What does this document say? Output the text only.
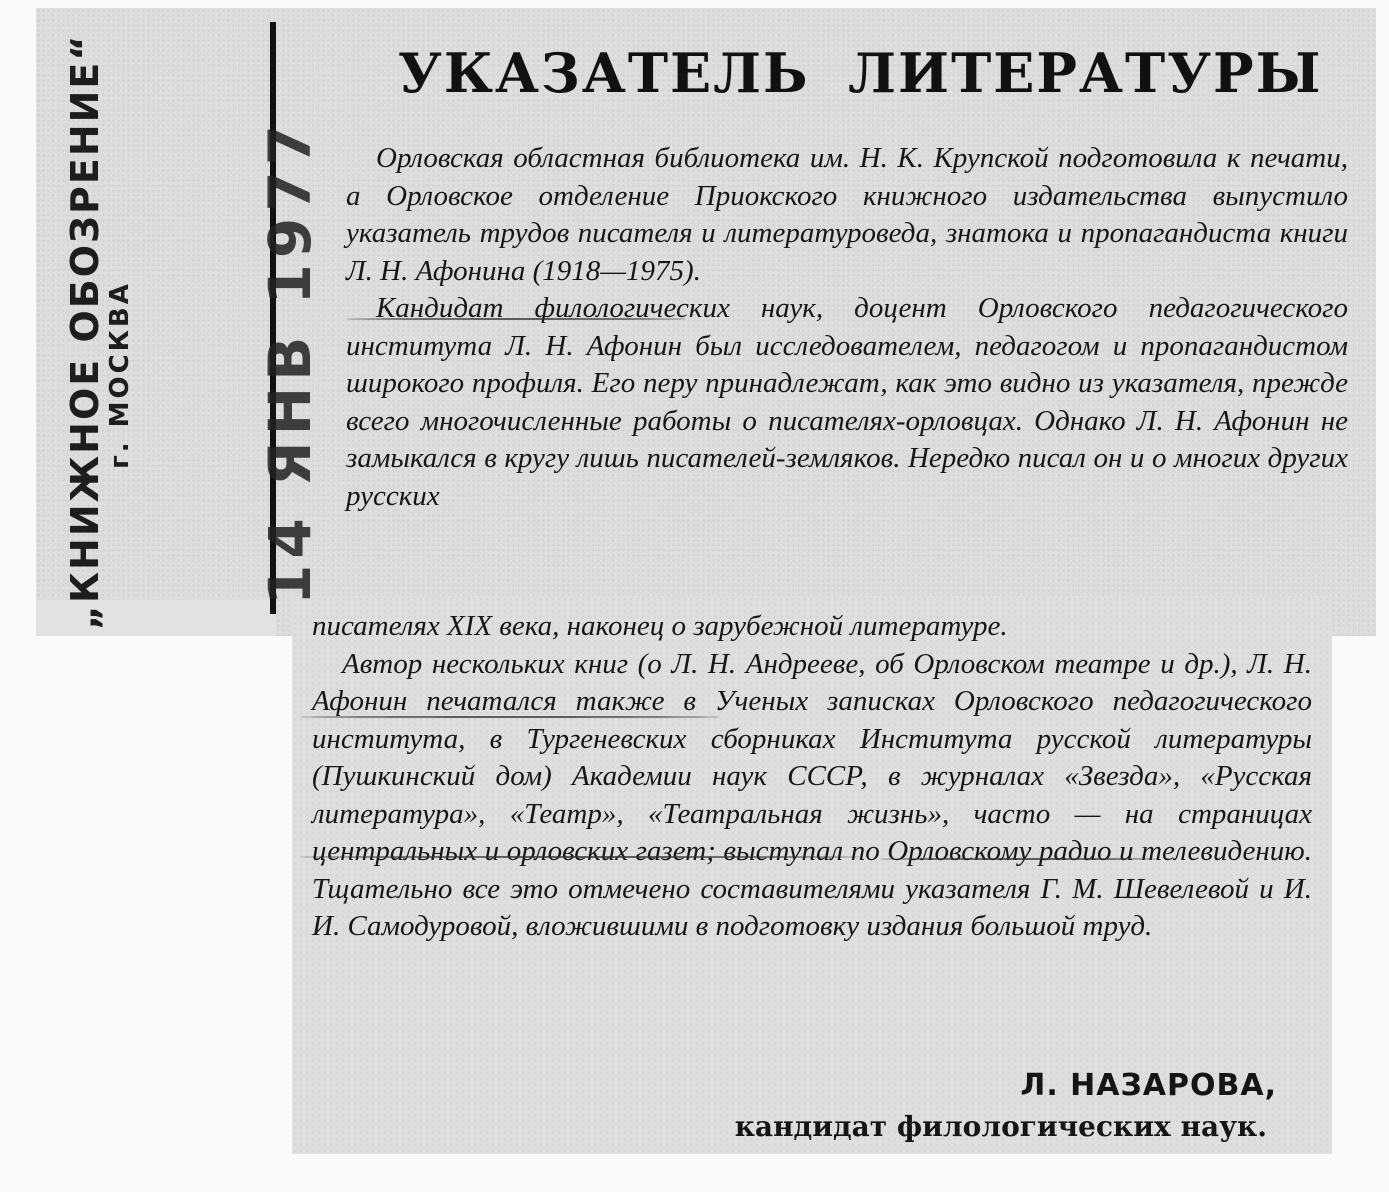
„КНИЖНОЕ ОБОЗРЕНИЕ“
г. МОСКВА 14 ЯНВ 1977
УКАЗАТЕЛЬ ЛИТЕРАТУРЫ

Орловская областная библиотека им. Н. К. Крупской подготовила к печати, а Орловское отделение Приокского книжного издательства выпустило указатель трудов писателя и литературоведа, знатока и пропагандиста книги Л. Н. Афонина (1918—1975).

Кандидат филологических наук, доцент Орловского педагогического института Л. Н. Афонин был исследователем, педагогом и пропагандистом широкого профиля. Его перу принадлежат, как это видно из указателя, прежде всего многочисленные работы о писателях-орловцах. Однако Л. Н. Афонин не замыкался в кругу лишь писателей-земляков. Нередко писал он и о многих других русских

писателях XIX века, наконец о зарубежной литературе.

Автор нескольких книг (о Л. Н. Андрееве, об Орловском театре и др.), Л. Н. Афонин печатался также в Ученых записках Орловского педагогического института, в Тургеневских сборниках Института русской литературы (Пушкинский дом) Академии наук СССР, в журналах «Звезда», «Русская литература», «Театр», «Театральная жизнь», часто — на страницах центральных и орловских газет; выступал по Орловскому радио и телевидению. Тщательно все это отмечено составителями указателя Г. М. Шевелевой и И. И. Самодуровой, вложившими в подготовку издания большой труд.

Л. НАЗАРОВА,
кандидат филологических наук.
